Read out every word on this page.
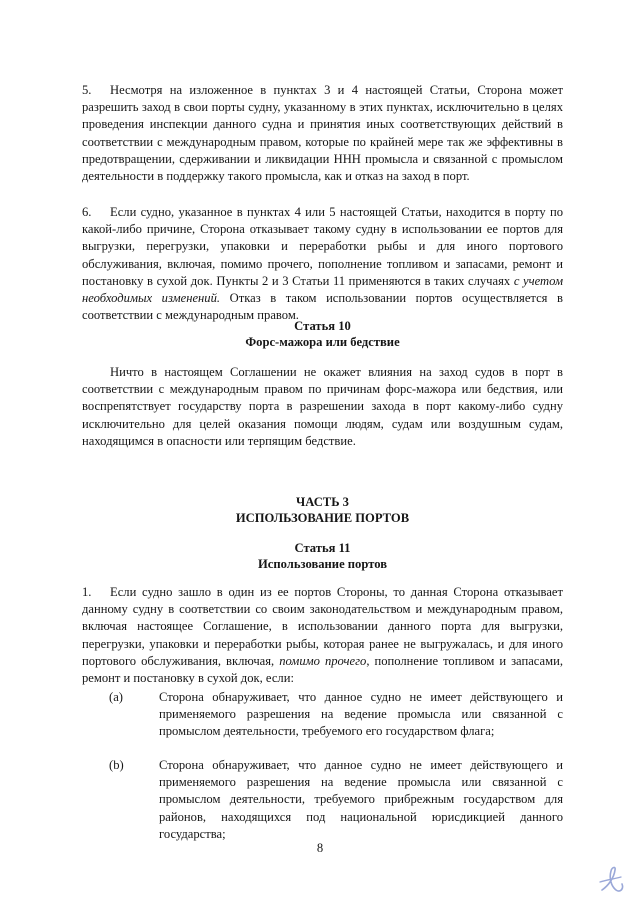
5. Несмотря на изложенное в пунктах 3 и 4 настоящей Статьи, Сторона может разрешить заход в свои порты судну, указанному в этих пунктах, исключительно в целях проведения инспекции данного судна и принятия иных соответствующих действий в соответствии с международным правом, которые по крайней мере так же эффективны в предотвращении, сдерживании и ликвидации ННН промысла и связанной с промыслом деятельности в поддержку такого промысла, как и отказ на заход в порт.

6. Если судно, указанное в пунктах 4 или 5 настоящей Статьи, находится в порту по какой-либо причине, Сторона отказывает такому судну в использовании ее портов для выгрузки, перегрузки, упаковки и переработки рыбы и для иного портового обслуживания, включая, помимо прочего, пополнение топливом и запасами, ремонт и постановку в сухой док. Пункты 2 и 3 Статьи 11 применяются в таких случаях с учетом необходимых изменений. Отказ в таком использовании портов осуществляется в соответствии с международным правом.

Статья 10

Форс-мажора или бедствие

Ничто в настоящем Соглашении не окажет влияния на заход судов в порт в соответствии с международным правом по причинам форс-мажора или бедствия, или воспрепятствует государству порта в разрешении захода в порт какому-либо судну исключительно для целей оказания помощи людям, судам или воздушным судам, находящимся в опасности или терпящим бедствие.

ЧАСТЬ 3

ИСПОЛЬЗОВАНИЕ ПОРТОВ

Статья 11

Использование портов

1. Если судно зашло в один из ее портов Стороны, то данная Сторона отказывает данному судну в соответствии со своим законодательством и международным правом, включая настоящее Соглашение, в использовании данного порта для выгрузки, перегрузки, упаковки и переработки рыбы, которая ранее не выгружалась, и для иного портового обслуживания, включая, помимо прочего, пополнение топливом и запасами, ремонт и постановку в сухой док, если:

(a)	Сторона обнаруживает, что данное судно не имеет действующего и применяемого разрешения на ведение промысла или связанной с промыслом деятельности, требуемого его государством флага;
(b)	Сторона обнаруживает, что данное судно не имеет действующего и применяемого разрешения на ведение промысла или связанной с промыслом деятельности, требуемого прибрежным государством для районов, находящихся под национальной юрисдикцией данного государства;
8
